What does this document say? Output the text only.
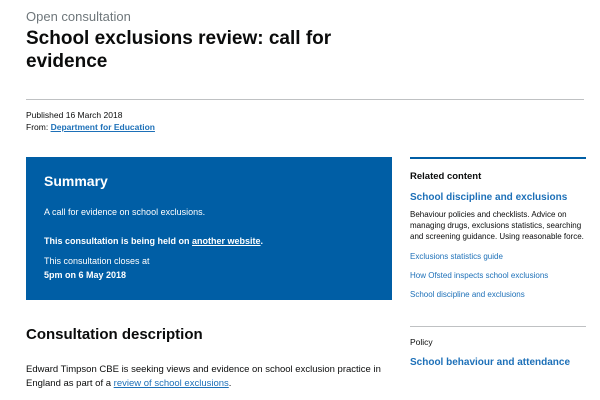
Open consultation
School exclusions review: call for evidence
Published 16 March 2018
From: Department for Education
Summary

A call for evidence on school exclusions.

This consultation is being held on another website.

This consultation closes at

5pm on 6 May 2018

Consultation description

Edward Timpson CBE is seeking views and evidence on school exclusion practice in England as part of a review of school exclusions.

Related content
School discipline and exclusions

Behaviour policies and checklists. Advice on managing drugs, exclusions statistics, searching and screening guidance. Using reasonable force.

Exclusions statistics guide
How Ofsted inspects school exclusions
School discipline and exclusions
Policy
School behaviour and attendance
